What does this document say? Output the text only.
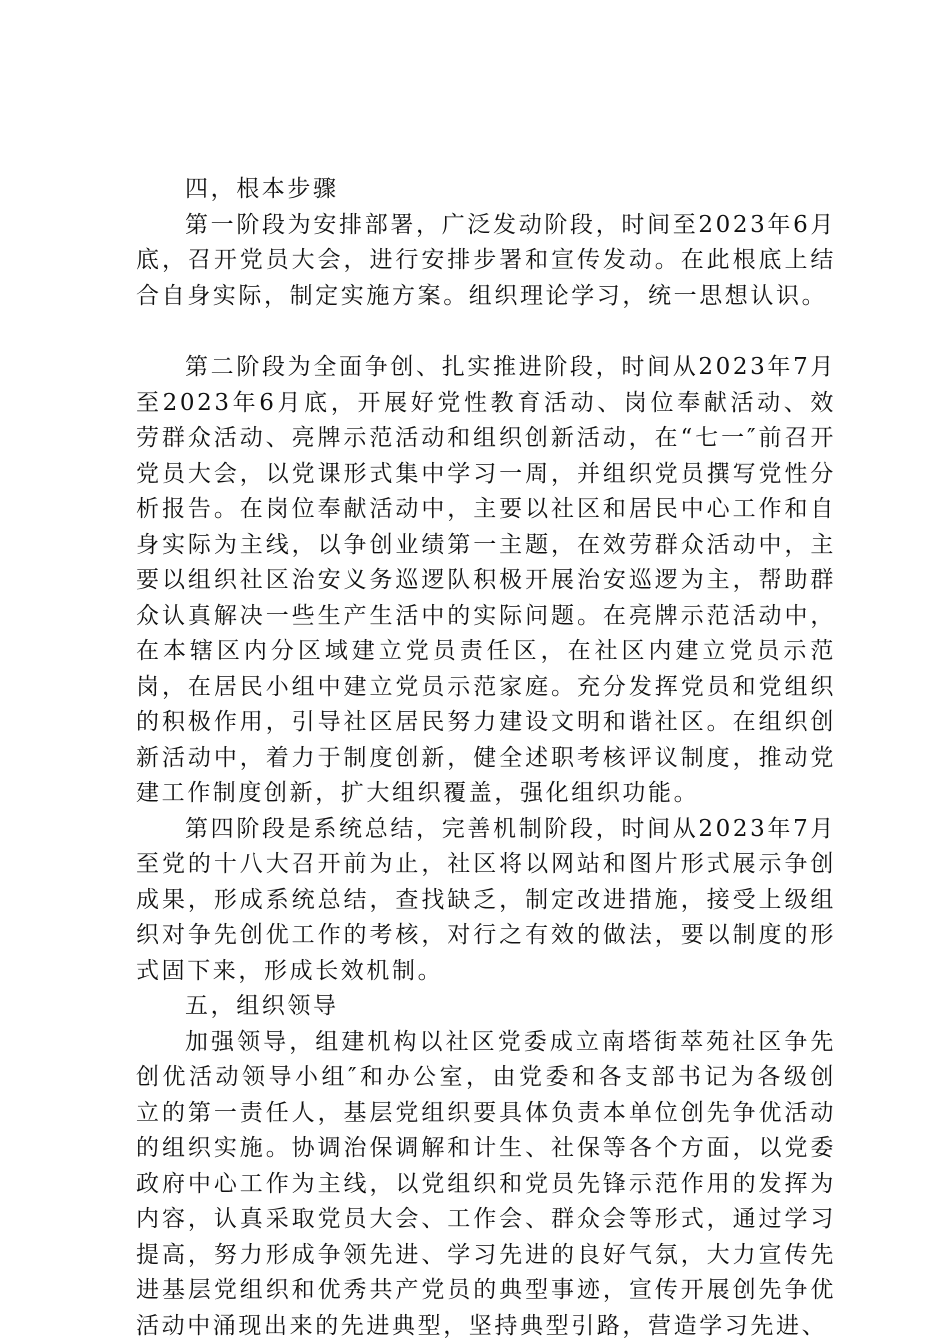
四，根本步骤

第一阶段为安排部署，广泛发动阶段，时间至2023年6月底，召开党员大会，进行安排步署和宣传发动。在此根底上结合自身实际，制定实施方案。组织理论学习，统一思想认识。

第二阶段为全面争创、扎实推进阶段，时间从2023年7月至2023年6月底，开展好党性教育活动、岗位奉献活动、效劳群众活动、亮牌示范活动和组织创新活动，在“七一″前召开党员大会，以党课形式集中学习一周，并组织党员撰写党性分析报告。在岗位奉献活动中，主要以社区和居民中心工作和自身实际为主线，以争创业绩第一主题，在效劳群众活动中，主要以组织社区治安义务巡逻队积极开展治安巡逻为主，帮助群众认真解决一些生产生活中的实际问题。在亮牌示范活动中，在本辖区内分区域建立党员责任区，在社区内建立党员示范岗，在居民小组中建立党员示范家庭。充分发挥党员和党组织的积极作用，引导社区居民努力建设文明和谐社区。在组织创新活动中，着力于制度创新，健全述职考核评议制度，推动党建工作制度创新，扩大组织覆盖，强化组织功能。

第四阶段是系统总结，完善机制阶段，时间从2023年7月至党的十八大召开前为止，社区将以网站和图片形式展示争创成果，形成系统总结，查找缺乏，制定改进措施，接受上级组织对争先创优工作的考核，对行之有效的做法，要以制度的形式固下来，形成长效机制。

五，组织领导

加强领导，组建机构以社区党委成立南塔街萃苑社区争先创优活动领导小组″和办公室，由党委和各支部书记为各级创立的第一责任人，基层党组织要具体负责本单位创先争优活动的组织实施。协调治保调解和计生、社保等各个方面，以党委政府中心工作为主线，以党组织和党员先锋示范作用的发挥为内容，认真采取党员大会、工作会、群众会等形式，通过学习提高，努力形成争领先进、学习先进的良好气氛，大力宣传先进基层党组织和优秀共产党员的典型事迹，宣传开展创先争优活动中涌现出来的先进典型，坚持典型引路，营造学习先进、
